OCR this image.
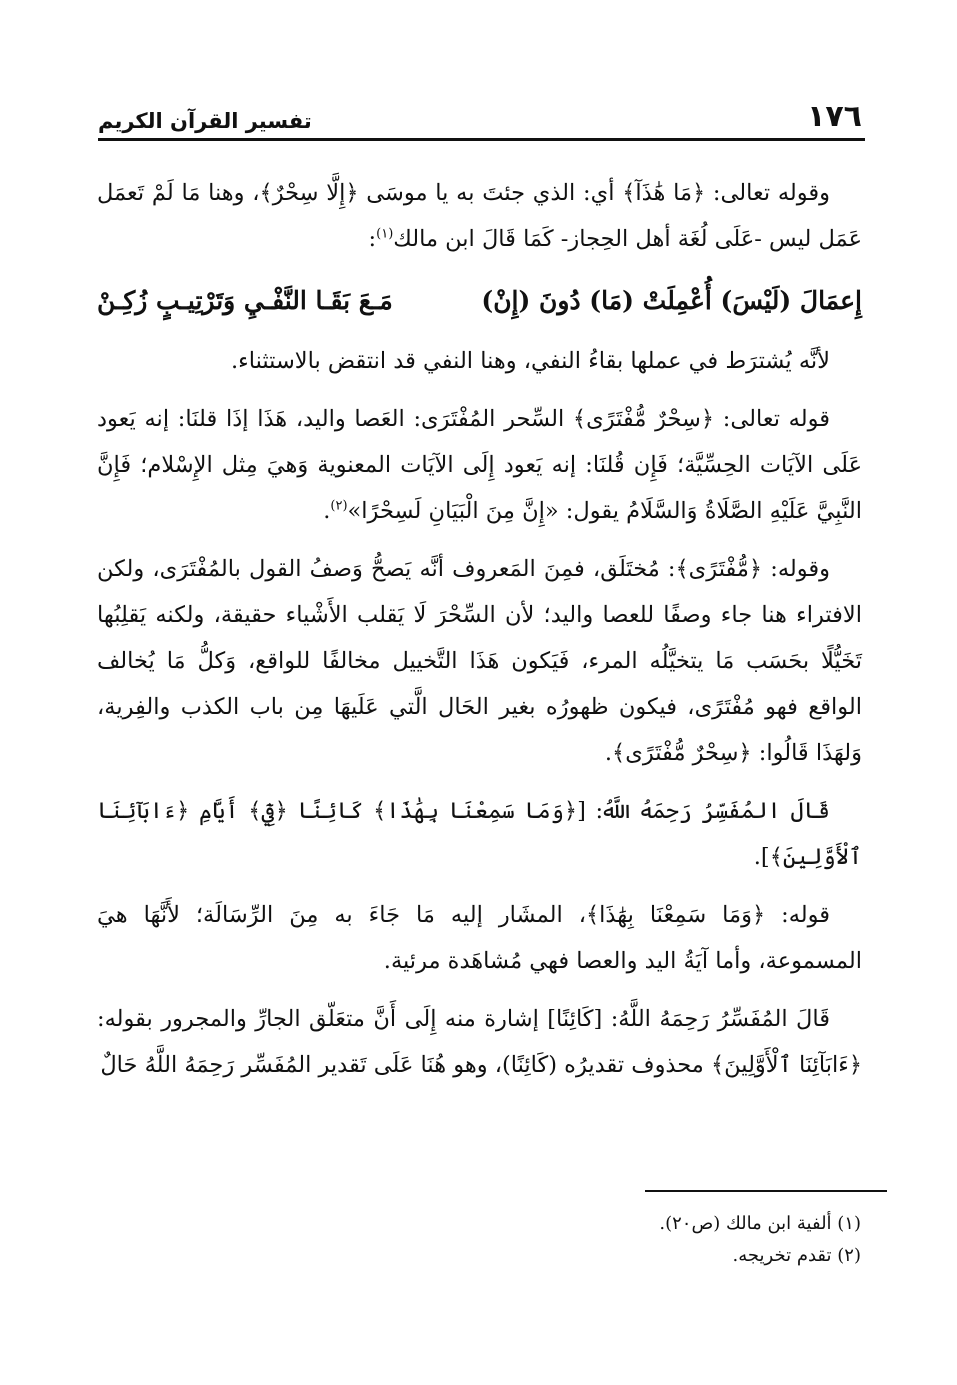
١٧٦
تفسير القرآن الكريم

وقوله تعالى: ﴿مَا هَٰذَآ﴾ أي: الذي جئتَ به يا موسَى ﴿إِلَّا سِحْرٌ﴾، وهنا مَا لَمْ تَعمَل عَمَل ليس -عَلَى لُغَة أهل الحِجاز- كَمَا قَالَ ابن مالك$^{(١)}$:

إِعمَالَ (لَيْسَ) أُعْمِلَتْ (مَا) دُونَ (إِنْ)
مَـعَ بَقَـا النَّفْـيِ وَتَرْتِيـبٍ زُكِـنْ

لأنَّه يُشترَط في عملها بقاءُ النفي، وهنا النفي قد انتقض بالاستثناء.

قوله تعالى: ﴿سِحْرٌ مُّفْتَرًى﴾ السِّحر المُفْتَرَى: العَصا واليد، هَذَا إذَا قلنَا: إنه يَعود عَلَى الآيَات الحِسِّيَّة؛ فَإِن قُلنَا: إنه يَعود إِلَى الآيَات المعنوية وَهيَ مِثل الإِسْلام؛ فَإِنَّ النَّبِيَّ عَلَيْهِ الصَّلَاةُ وَالسَّلَامُ يقول: «إِنَّ مِنَ الْبَيَانِ لَسِحْرًا»$^{(٢)}$.

وقوله: ﴿مُّفْتَرًى﴾: مُختَلَق، فمِنَ المَعروف أنَّه يَصحُّ وَصفُ القول بالمُفْتَرَى، ولكن الافتراء هنا جاء وصفًا للعصا واليد؛ لأن السِّحْرَ لَا يَقلب الأَشْياء حقيقة، ولكنه يَقلِبُها تَخَيُّلًا بحَسَب مَا يتخيَّلُه المرء، فَيَكون هَذَا التَّخييل مخالفًا للواقع، وَكلُّ مَا يُخالف الواقع فهو مُفْتَرًى، فيكون ظهورُه بغير الحَال الَّتي عَلَيهَا مِن باب الكذب والفِرية، وَلهَذَا قَالُوا: ﴿سِحْرٌ مُّفْتَرًى﴾.

قَالَ المُفَسِّرُ رَحِمَهُ اللَّهُ: [﴿وَمَا سَمِعْنَا بِهَٰذَا﴾ كَائِنًا ﴿فِيٓ﴾ أَيَّامِ ﴿ءَابَآئِنَا ٱلْأَوَّلِينَ﴾].

قوله: ﴿وَمَا سَمِعْنَا بِهَٰذَا﴾، المشَار إليه مَا جَاءَ به مِنَ الرِّسَالَة؛ لأَنَّهَا هيَ المسموعة، وأما آيَةُ اليد والعصا فهي مُشاهَدة مرئية.

قَالَ المُفَسِّرُ رَحِمَهُ اللَّهُ: [كَائِنًا] إشارة منه إِلَى أَنَّ متعَلّق الجارِّ والمجرور بقوله: ﴿ءَابَآئِنَا ٱلْأَوَّلِينَ﴾ محذوف تقديرُه (كَائِنًا)، وهو هُنَا عَلَى تَقدير المُفَسِّر رَحِمَهُ اللَّهُ حَالٌ

(١) ألفية ابن مالك (ص٢٠).
(٢) تقدم تخريجه.
